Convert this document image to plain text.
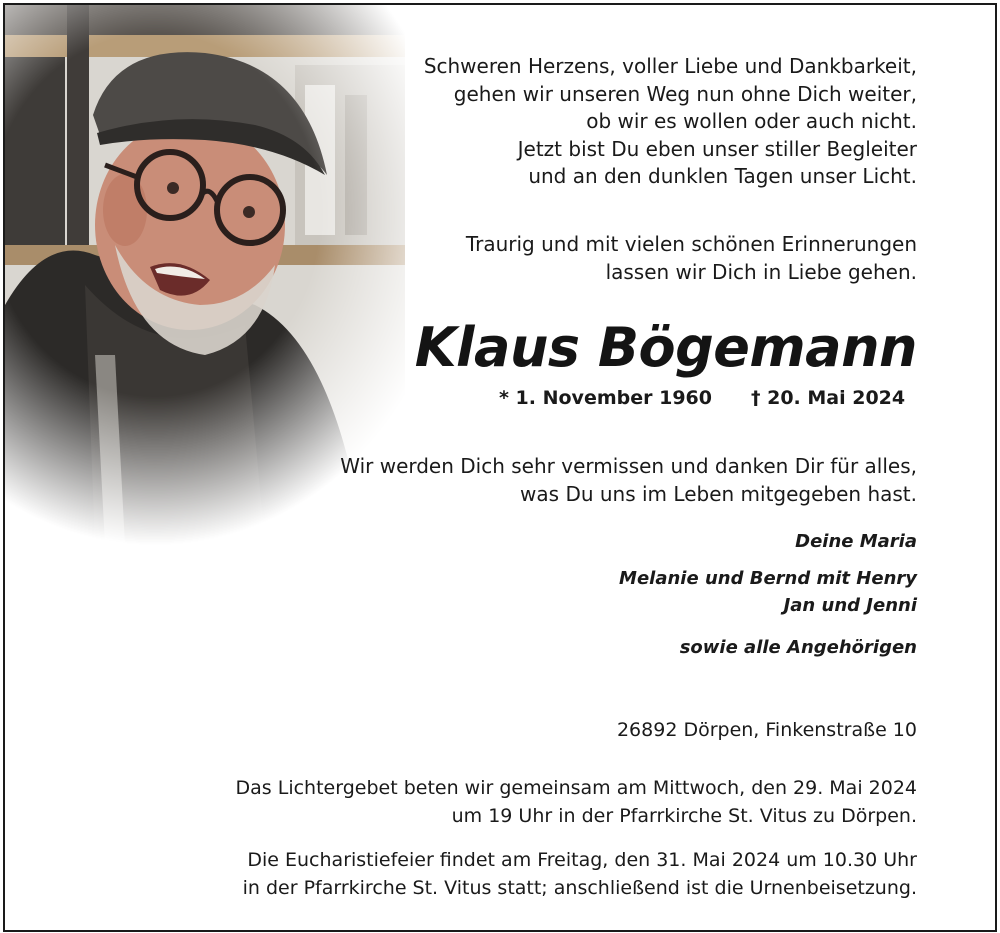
Schweren Herzens, voller Liebe und Dankbarkeit,
gehen wir unseren Weg nun ohne Dich weiter,
ob wir es wollen oder auch nicht.
Jetzt bist Du eben unser stiller Begleiter
und an den dunklen Tagen unser Licht.
Traurig und mit vielen schönen Erinnerungen
lassen wir Dich in Liebe gehen.
Klaus Bögemann
* 1. November 1960 † 20. Mai 2024
Wir werden Dich sehr vermissen und danken Dir für alles,
was Du uns im Leben mitgegeben hast.
Deine Maria
Melanie und Bernd mit Henry
Jan und Jenni
sowie alle Angehörigen
26892 Dörpen, Finkenstraße 10
Das Lichtergebet beten wir gemeinsam am Mittwoch, den 29. Mai 2024
um 19 Uhr in der Pfarrkirche St. Vitus zu Dörpen.
Die Eucharistiefeier findet am Freitag, den 31. Mai 2024 um 10.30 Uhr
in der Pfarrkirche St. Vitus statt; anschließend ist die Urnenbeisetzung.
